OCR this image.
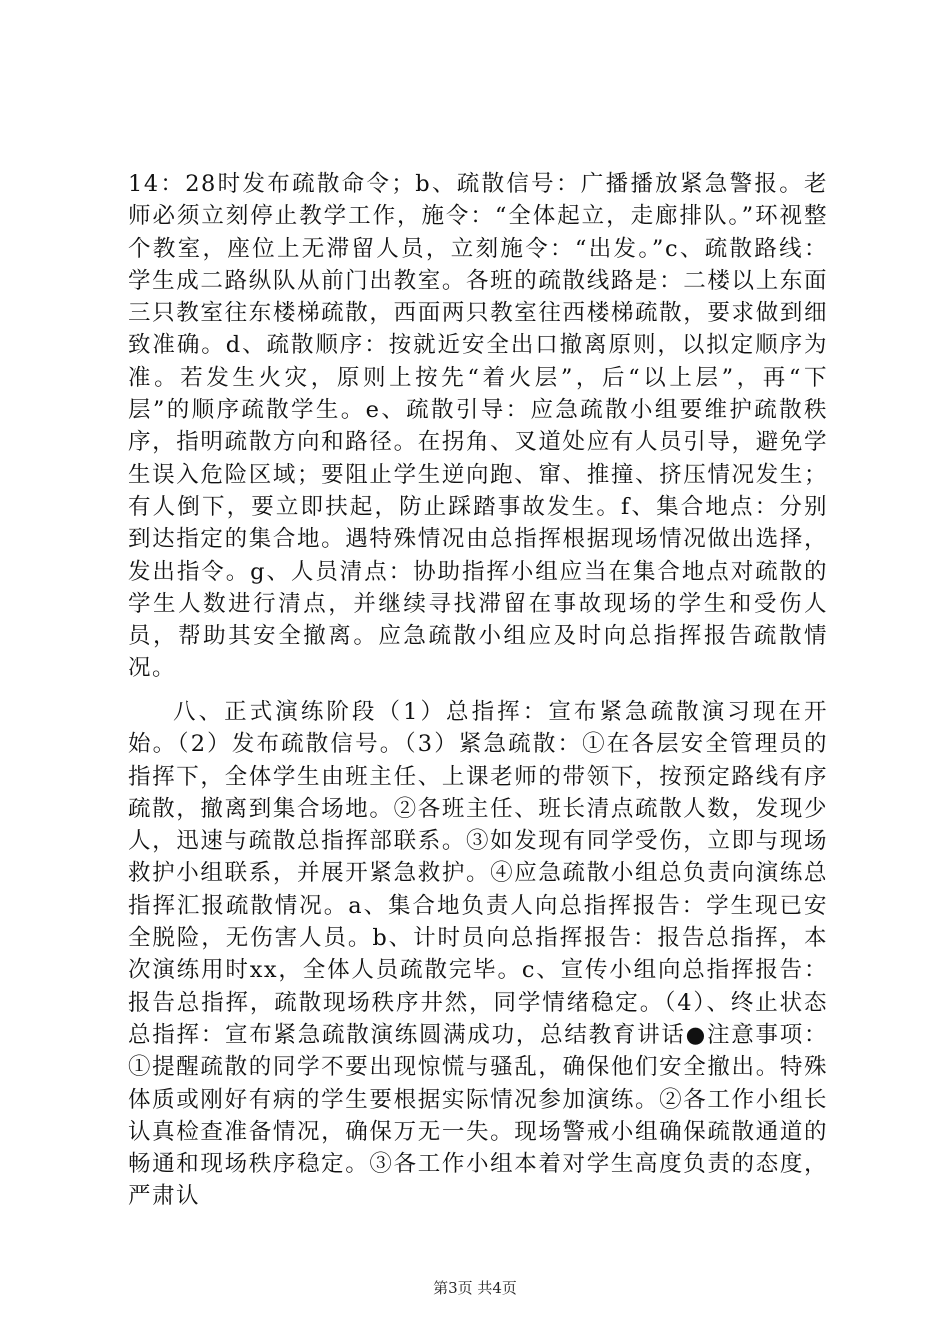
14：28时发布疏散命令；b、疏散信号：广播播放紧急警报。老师必须立刻停止教学工作，施令：“全体起立，走廊排队。”环视整个教室，座位上无滞留人员，立刻施令：“出发。”c、疏散路线：学生成二路纵队从前门出教室。各班的疏散线路是：二楼以上东面三只教室往东楼梯疏散，西面两只教室往西楼梯疏散，要求做到细致准确。d、疏散顺序：按就近安全出口撤离原则，以拟定顺序为准。若发生火灾，原则上按先“着火层”，后“以上层”，再“下层”的顺序疏散学生。e、疏散引导：应急疏散小组要维护疏散秩序，指明疏散方向和路径。在拐角、叉道处应有人员引导，避免学生误入危险区域；要阻止学生逆向跑、窜、推撞、挤压情况发生；有人倒下，要立即扶起，防止踩踏事故发生。f、集合地点：分别到达指定的集合地。遇特殊情况由总指挥根据现场情况做出选择，发出指令。g、人员清点：协助指挥小组应当在集合地点对疏散的学生人数进行清点，并继续寻找滞留在事故现场的学生和受伤人员，帮助其安全撤离。应急疏散小组应及时向总指挥报告疏散情况。

八、正式演练阶段（1）总指挥：宣布紧急疏散演习现在开始。（2）发布疏散信号。（3）紧急疏散：①在各层安全管理员的指挥下，全体学生由班主任、上课老师的带领下，按预定路线有序疏散，撤离到集合场地。②各班主任、班长清点疏散人数，发现少人，迅速与疏散总指挥部联系。③如发现有同学受伤，立即与现场救护小组联系，并展开紧急救护。④应急疏散小组总负责向演练总指挥汇报疏散情况。a、集合地负责人向总指挥报告：学生现已安全脱险，无伤害人员。b、计时员向总指挥报告：报告总指挥，本次演练用时xx，全体人员疏散完毕。c、宣传小组向总指挥报告：报告总指挥，疏散现场秩序井然，同学情绪稳定。（4）、终止状态总指挥：宣布紧急疏散演练圆满成功，总结教育讲话●注意事项：①提醒疏散的同学不要出现惊慌与骚乱，确保他们安全撤出。特殊体质或刚好有病的学生要根据实际情况参加演练。②各工作小组长认真检查准备情况，确保万无一失。现场警戒小组确保疏散通道的畅通和现场秩序稳定。③各工作小组本着对学生高度负责的态度，严肃认

第3页 共4页
